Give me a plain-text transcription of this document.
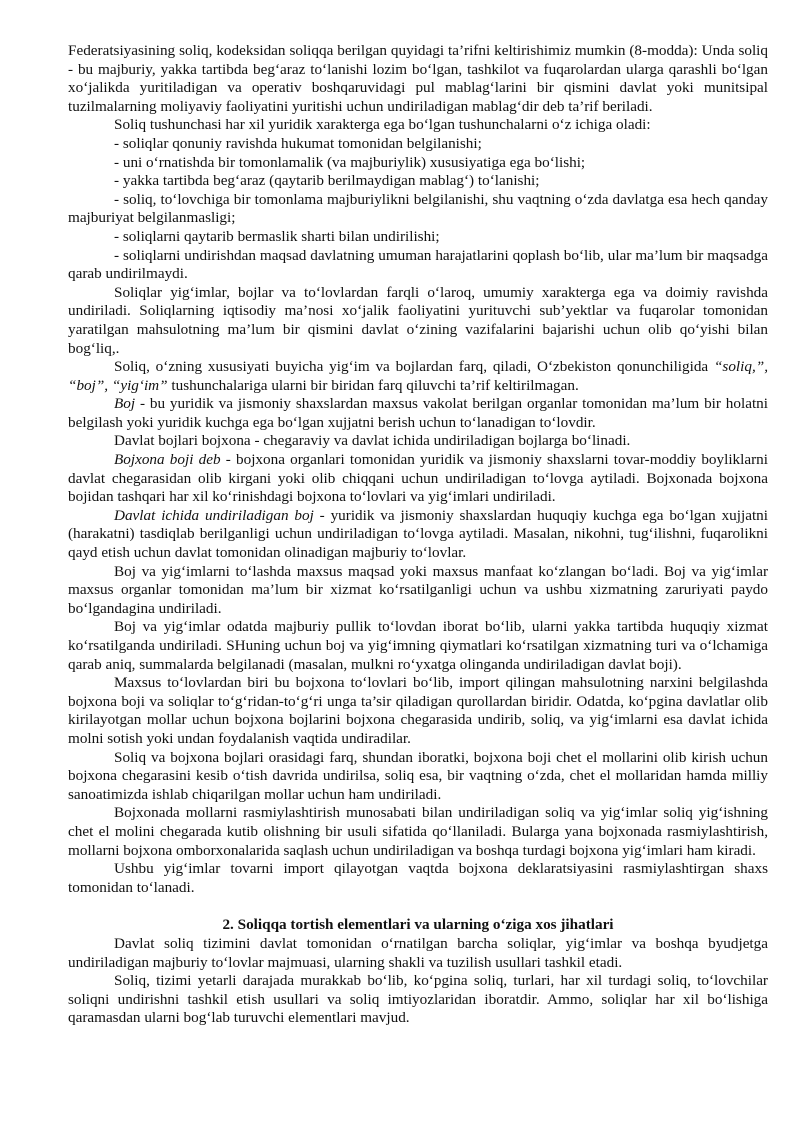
Federatsiyasining soliq, kodeksidan soliqqa berilgan quyidagi ta’rifni keltirishimiz mumkin (8-modda): Unda soliq - bu majburiy, yakka tartibda beg‘araz to‘lanishi lozim bo‘lgan, tashkilot va fuqarolardan ularga qarashli bo‘lgan xo‘jalikda yuritiladigan va operativ boshqaruvidagi pul mablag‘larini bir qismini davlat yoki munitsipal tuzilmalarning moliyaviy faoliyatini yuritishi uchun undiriladigan mablag‘dir deb ta’rif beriladi.

Soliq tushunchasi har xil yuridik xarakterga ega bo‘lgan tushunchalarni o‘z ichiga oladi:

- soliqlar qonuniy ravishda hukumat tomonidan belgilanishi;

- uni o‘rnatishda bir tomonlamalik (va majburiylik) xususiyatiga ega bo‘lishi;

- yakka tartibda beg‘araz (qaytarib berilmaydigan mablag‘) to‘lanishi;

- soliq, to‘lovchiga bir tomonlama majburiylikni belgilanishi, shu vaqtning o‘zda davlatga esa hech qanday majburiyat belgilanmasligi;

- soliqlarni qaytarib bermaslik sharti bilan undirilishi;

- soliqlarni undirishdan maqsad davlatning umuman harajatlarini qoplash bo‘lib, ular ma’lum bir maqsadga qarab undirilmaydi.

Soliqlar yig‘imlar, bojlar va to‘lovlardan farqli o‘laroq, umumiy xarakterga ega va doimiy ravishda undiriladi. Soliqlarning iqtisodiy ma’nosi xo‘jalik faoliyatini yurituvchi sub’yektlar va fuqarolar tomonidan yaratilgan mahsulotning ma’lum bir qismini davlat o‘zining vazifalarini bajarishi uchun olib qo‘yishi bilan bog‘liq,.

Soliq, o‘zning xususiyati buyicha yig‘im va bojlardan farq, qiladi, O‘zbekiston qonunchiligida “soliq,”, “boj”, “yig‘im” tushunchalariga ularni bir biridan farq qiluvchi ta’rif keltirilmagan.

Boj - bu yuridik va jismoniy shaxslardan maxsus vakolat berilgan organlar tomonidan ma’lum bir holatni belgilash yoki yuridik kuchga ega bo‘lgan xujjatni berish uchun to‘lanadigan to‘lovdir.

Davlat bojlari bojxona - chegaraviy va davlat ichida undiriladigan bojlarga bo‘linadi.

Bojxona boji deb - bojxona organlari tomonidan yuridik va jismoniy shaxslarni tovar-moddiy boyliklarni davlat chegarasidan olib kirgani yoki olib chiqqani uchun undiriladigan to‘lovga aytiladi. Bojxonada bojxona bojidan tashqari har xil ko‘rinishdagi bojxona to‘lovlari va yig‘imlari undiriladi.

Davlat ichida undiriladigan boj - yuridik va jismoniy shaxslardan huquqiy kuchga ega bo‘lgan xujjatni (harakatni) tasdiqlab berilganligi uchun undiriladigan to‘lovga aytiladi. Masalan, nikohni, tug‘ilishni, fuqarolikni qayd etish uchun davlat tomonidan olinadigan majburiy to‘lovlar.

Boj va yig‘imlarni to‘lashda maxsus maqsad yoki maxsus manfaat ko‘zlangan bo‘ladi. Boj va yig‘imlar maxsus organlar tomonidan ma’lum bir xizmat ko‘rsatilganligi uchun va ushbu xizmatning zaruriyati paydo bo‘lgandagina undiriladi.

Boj va yig‘imlar odatda majburiy pullik to‘lovdan iborat bo‘lib, ularni yakka tartibda huquqiy xizmat ko‘rsatilganda undiriladi. SHuning uchun boj va yig‘imning qiymatlari ko‘rsatilgan xizmatning turi va o‘lchamiga qarab aniq, summalarda belgilanadi (masalan, mulkni ro‘yxatga olinganda undiriladigan davlat boji).

Maxsus to‘lovlardan biri bu bojxona to‘lovlari bo‘lib, import qilingan mahsulotning narxini belgilashda bojxona boji va soliqlar to‘g‘ridan-to‘g‘ri unga ta’sir qiladigan qurollardan biridir. Odatda, ko‘pgina davlatlar olib kirilayotgan mollar uchun bojxona bojlarini bojxona chegarasida undirib, soliq, va yig‘imlarni esa davlat ichida molni sotish yoki undan foydalanish vaqtida undiradilar.

Soliq va bojxona bojlari orasidagi farq, shundan iboratki, bojxona boji chet el mollarini olib kirish uchun bojxona chegarasini kesib o‘tish davrida undirilsa, soliq esa, bir vaqtning o‘zda, chet el mollaridan hamda milliy sanoatimizda ishlab chiqarilgan mollar uchun ham undiriladi.

Bojxonada mollarni rasmiylashtirish munosabati bilan undiriladigan soliq va yig‘imlar soliq yig‘ishning chet el molini chegarada kutib olishning bir usuli sifatida qo‘llaniladi. Bularga yana bojxonada rasmiylashtirish, mollarni bojxona omborxonalarida saqlash uchun undiriladigan va boshqa turdagi bojxona yig‘imlari ham kiradi.

Ushbu yig‘imlar tovarni import qilayotgan vaqtda bojxona deklaratsiyasini rasmiylashtirgan shaxs tomonidan to‘lanadi.

2. Soliqqa tortish elementlari va ularning o‘ziga xos jihatlari

Davlat soliq tizimini davlat tomonidan o‘rnatilgan barcha soliqlar, yig‘imlar va boshqa byudjetga undiriladigan majburiy to‘lovlar majmuasi, ularning shakli va tuzilish usullari tashkil etadi.

Soliq, tizimi yetarli darajada murakkab bo‘lib, ko‘pgina soliq, turlari, har xil turdagi soliq, to‘lovchilar soliqni undirishni tashkil etish usullari va soliq imtiyozlaridan iboratdir. Ammo, soliqlar har xil bo‘lishiga qaramasdan ularni bog‘lab turuvchi elementlari mavjud.
